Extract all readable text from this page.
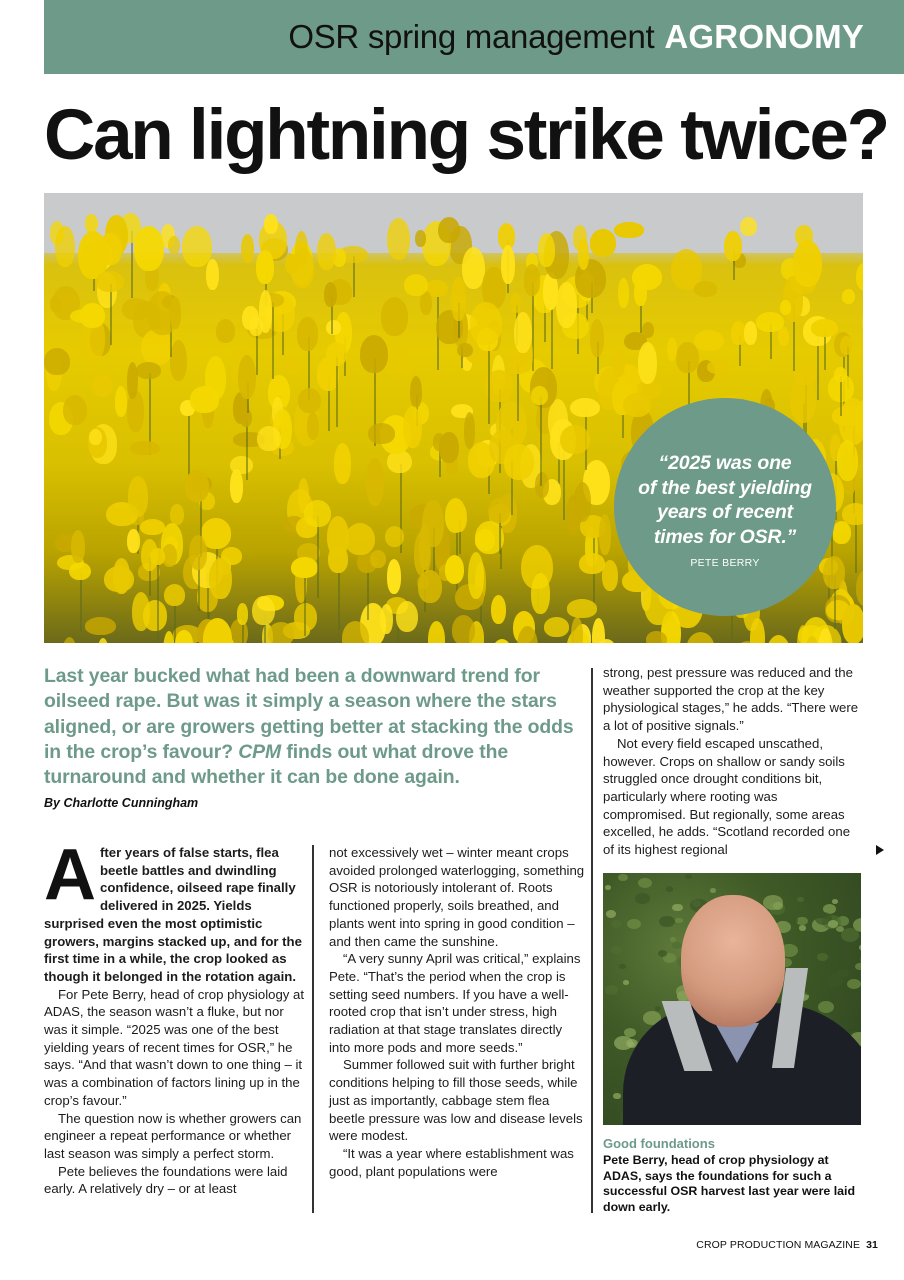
OSR spring management AGRONOMY
Can lightning strike twice?
“2025 was one
of the best yielding
years of recent
times for OSR.”
PETE BERRY
Last year bucked what had been a downward trend for oilseed rape. But was it simply a season where the stars aligned, or are growers getting better at stacking the odds in the crop’s favour? CPM finds out what drove the turnaround and whether it can be done again.
By Charlotte Cunningham

After years of false starts, flea beetle battles and dwindling confidence, oilseed rape finally delivered in 2025. Yields surprised even the most optimistic growers, margins stacked up, and for the first time in a while, the crop looked as though it belonged in the rotation again.

For Pete Berry, head of crop physiology at ADAS, the season wasn’t a fluke, but nor was it simple. “2025 was one of the best yielding years of recent times for OSR,” he says. “And that wasn’t down to one thing – it was a combination of factors lining up in the crop’s favour.”

The question now is whether growers can engineer a repeat performance or whether last season was simply a perfect storm.

Pete believes the foundations were laid early. A relatively dry – or at least

not excessively wet – winter meant crops avoided prolonged waterlogging, something OSR is notoriously intolerant of. Roots functioned properly, soils breathed, and plants went into spring in good condition – and then came the sunshine.

“A very sunny April was critical,” explains Pete. “That’s the period when the crop is setting seed numbers. If you have a well-rooted crop that isn’t under stress, high radiation at that stage translates directly into more pods and more seeds.”

Summer followed suit with further bright conditions helping to fill those seeds, while just as importantly, cabbage stem flea beetle pressure was low and disease levels were modest.

“It was a year where establishment was good, plant populations were

strong, pest pressure was reduced and the weather supported the crop at the key physiological stages,” he adds. “There were a lot of positive signals.”

Not every field escaped unscathed, however. Crops on shallow or sandy soils struggled once drought conditions bit, particularly where rooting was compromised. But regionally, some areas excelled, he adds. “Scotland recorded one of its highest regional

Good foundations
Pete Berry, head of crop physiology at ADAS, says the foundations for such a successful OSR harvest last year were laid down early.
CROP PRODUCTION MAGAZINE 31
